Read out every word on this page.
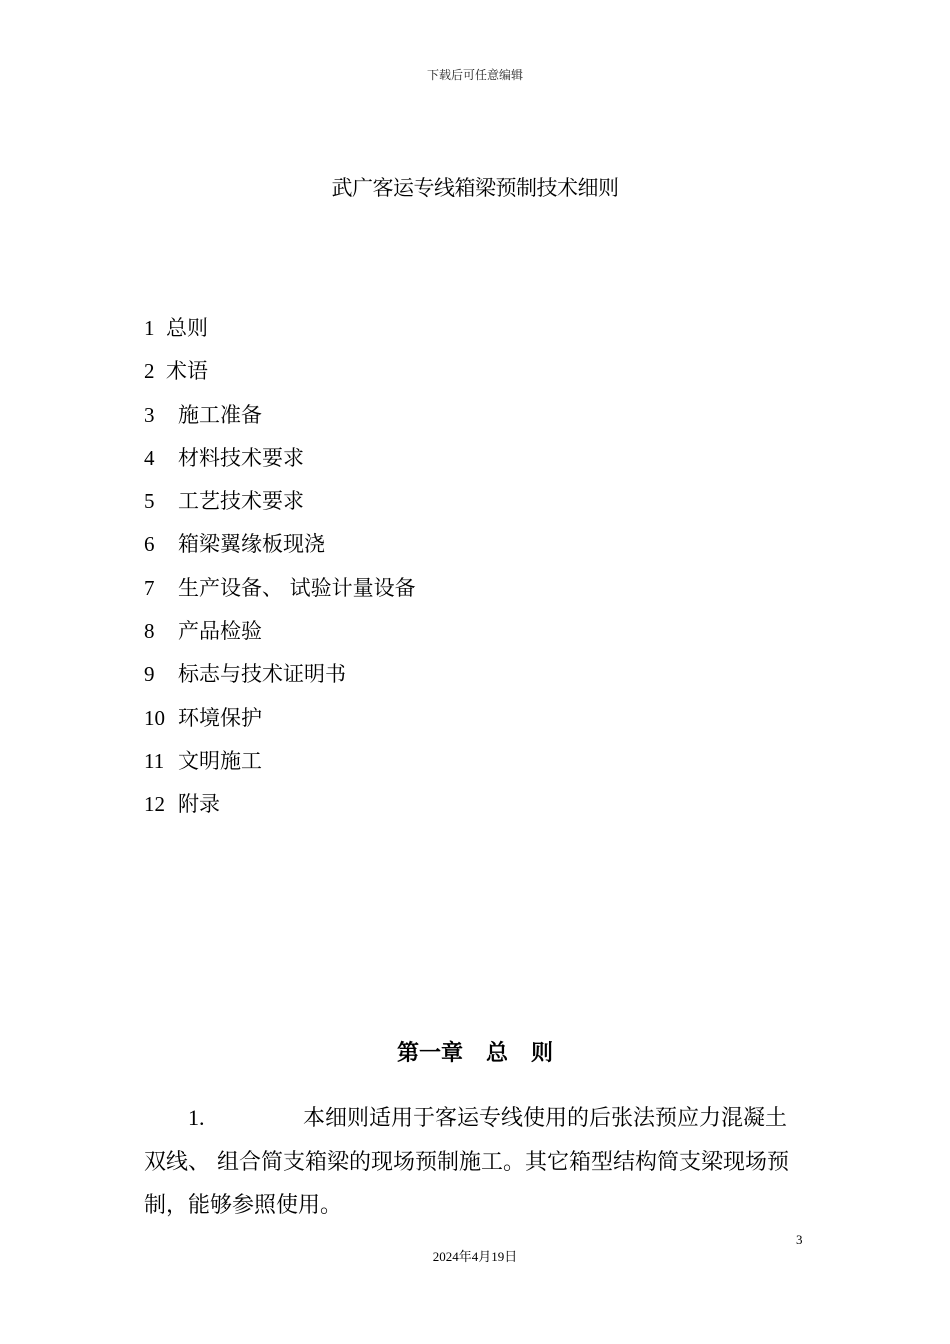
下载后可任意编辑
武广客运专线箱梁预制技术细则
1 总则
2 术语
3 施工准备
4 材料技术要求
5 工艺技术要求
6 箱梁翼缘板现浇
7 生产设备、 试验计量设备
8 产品检验
9 标志与技术证明书
10 环境保护
11 文明施工
12 附录
第一章   总   则

1.	本细则适用于客运专线使用的后张法预应力混凝土双线、 组合简支箱梁的现场预制施工。其它箱型结构简支梁现场预制，能够参照使用。

3
2024年4月19日
